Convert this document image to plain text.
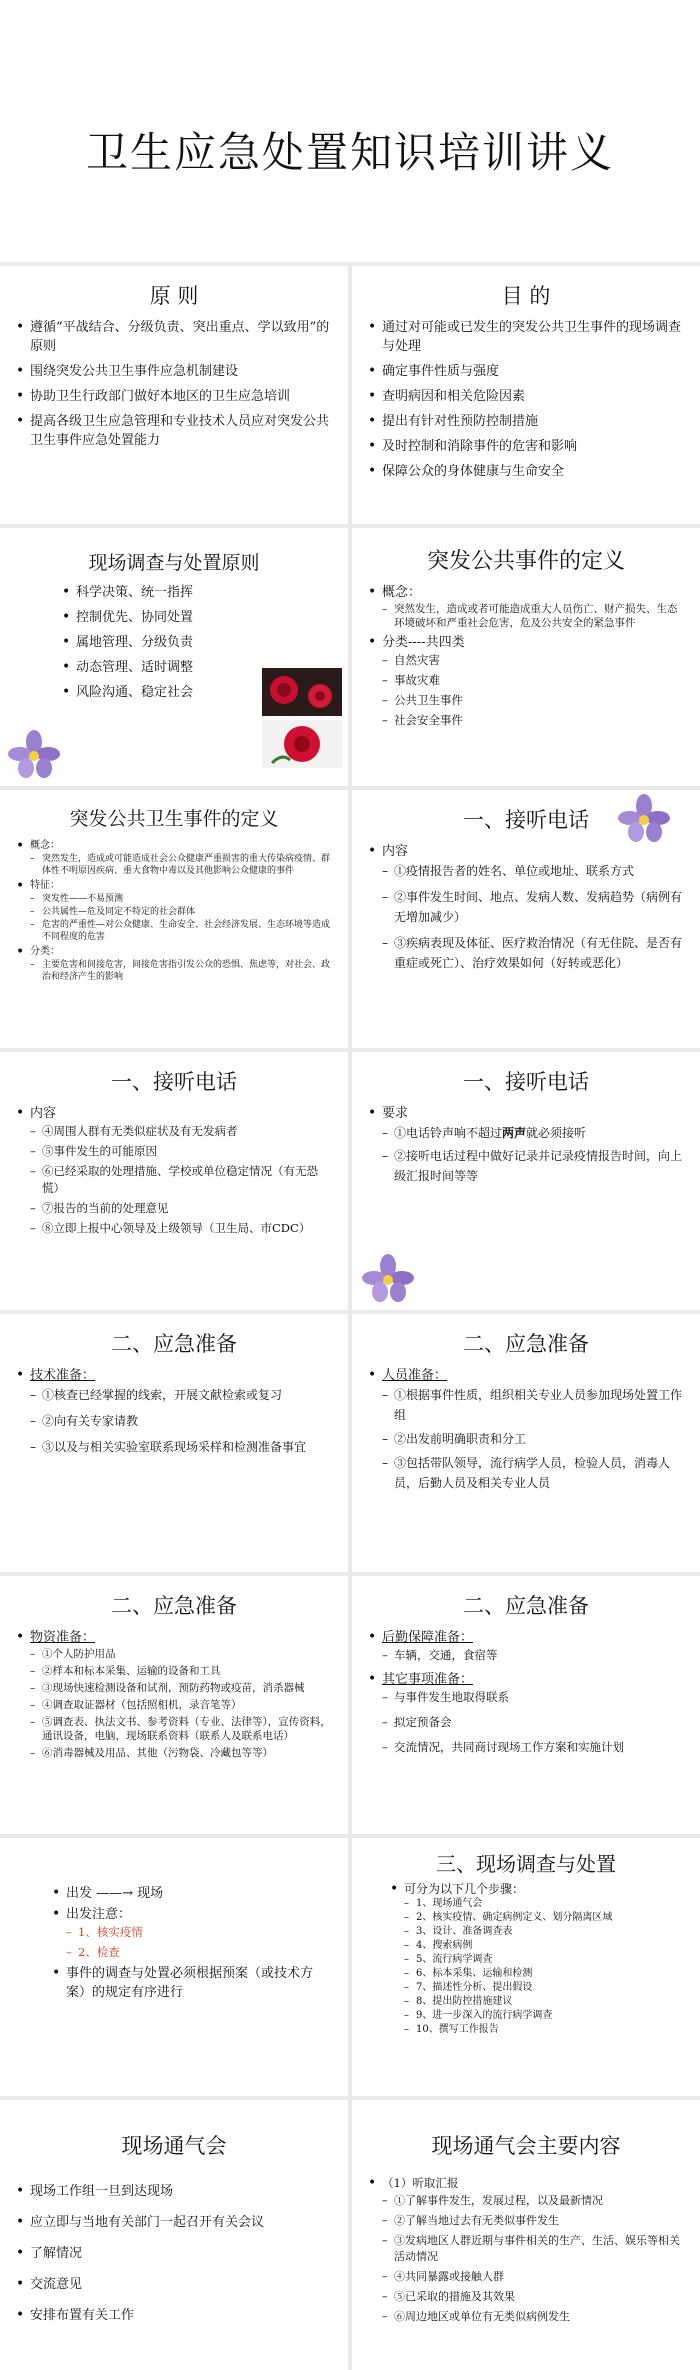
卫生应急处置知识培训讲义
原 则
• 遵循“平战结合、分级负责、突出重点、学以致用”的原则
• 围绕突发公共卫生事件应急机制建设
• 协助卫生行政部门做好本地区的卫生应急培训
• 提高各级卫生应急管理和专业技术人员应对突发公共卫生事件应急处置能力
目 的
• 通过对可能或已发生的突发公共卫生事件的现场调查与处理
• 确定事件性质与强度
• 查明病因和相关危险因素
• 提出有针对性预防控制措施
• 及时控制和消除事件的危害和影响
• 保障公众的身体健康与生命安全
现场调查与处置原则
• 科学决策、统一指挥
• 控制优先、协同处置
• 属地管理、分级负责
• 动态管理、适时调整
• 风险沟通、稳定社会
突发公共事件的定义
• 概念：
– 突然发生，造成或者可能造成重大人员伤亡、财产损失、生态环境破坏和严重社会危害，危及公共安全的紧急事件
• 分类----共四类
– 自然灾害
– 事故灾难
– 公共卫生事件
– 社会安全事件
突发公共卫生事件的定义
• 概念：
– 突然发生，造成或可能造成社会公众健康严重损害的重大传染病疫情、群体性不明原因疾病、重大食物中毒以及其他影响公众健康的事件
• 特征：
– 突发性——不易预测
– 公共属性—危及同定不特定的社会群体
– 危害的严重性—对公众健康、生命安全、社会经济发展、生态环境等造成不同程度的危害
• 分类：
– 主要危害和间接危害，间接危害指引发公众的恐惧、焦虑等，对社会、政治和经济产生的影响
一、接听电话
• 内容
– ①疫情报告者的姓名、单位或地址、联系方式
– ②事件发生时间、地点、发病人数、发病趋势（病例有无增加减少）
– ③疾病表现及体征、医疗救治情况（有无住院、是否有重症或死亡）、治疗效果如何（好转或恶化）
一、接听电话
• 内容
– ④周围人群有无类似症状及有无发病者
– ⑤事件发生的可能原因
– ⑥已经采取的处理措施、学校或单位稳定情况（有无恐慌）
– ⑦报告的当前的处理意见
– ⑧立即上报中心领导及上级领导（卫生局、市CDC）
一、接听电话
• 要求
– ①电话铃声响不超过两声就必须接听
– ②接听电话过程中做好记录并记录疫情报告时间，向上级汇报时间等等
二、应急准备
• 技术准备：
– ①核查已经掌握的线索，开展文献检索或复习
– ②向有关专家请教
– ③以及与相关实验室联系现场采样和检测准备事宜
二、应急准备
• 人员准备：
– ①根据事件性质，组织相关专业人员参加现场处置工作组
– ②出发前明确职责和分工
– ③包括带队领导，流行病学人员，检验人员，消毒人员，后勤人员及相关专业人员
二、应急准备
• 物资准备：
– ①个人防护用品
– ②样本和标本采集、运输的设备和工具
– ③现场快速检测设备和试剂，预防药物或疫苗，消杀器械
– ④调查取证器材（包括照相机，录音笔等）
– ⑤调查表、执法文书、参考资料（专业、法律等），宣传资料，通讯设备，电脑，现场联系资料（联系人及联系电话）
– ⑥消毒器械及用品、其他（污物袋、冷藏包等等）
二、应急准备
• 后勤保障准备：
– 车辆，交通，食宿等
• 其它事项准备：
– 与事件发生地取得联系
– 拟定预备会
– 交流情况，共同商讨现场工作方案和实施计划
• 出发 ——→ 现场
• 出发注意：
– 1、核实疫情
– 2、检查
• 事件的调查与处置必须根据预案（或技术方案）的规定有序进行
三、现场调查与处置
• 可分为以下几个步骤：
– 1、现场通气会
– 2、核实疫情、确定病例定义、划分隔离区域
– 3、设计、准备调查表
– 4、搜索病例
– 5、流行病学调查
– 6、标本采集、运输和检测
– 7、描述性分析、提出假设
– 8、提出防控措施建议
– 9、进一步深入的流行病学调查
– 10、撰写工作报告
现场通气会
• 现场工作组一旦到达现场
• 应立即与当地有关部门一起召开有关会议
• 了解情况
• 交流意见
• 安排布置有关工作
现场通气会主要内容
• （1）听取汇报
– ①了解事件发生，发展过程，以及最新情况
– ②了解当地过去有无类似事件发生
– ③发病地区人群近期与事件相关的生产、生活、娱乐等相关活动情况
– ④共同暴露或接触人群
– ⑤已采取的措施及其效果
– ⑥周边地区或单位有无类似病例发生
